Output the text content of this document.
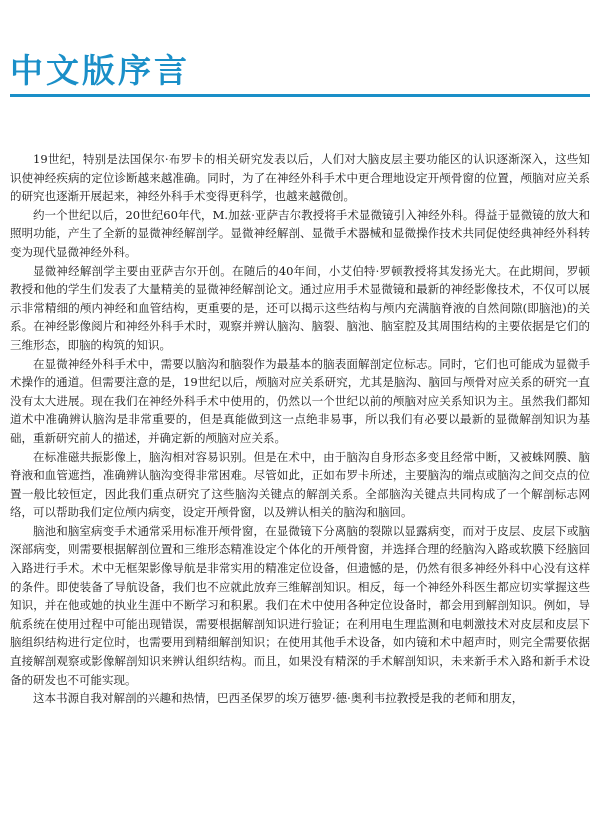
中文版序言

19世纪，特别是法国保尔·布罗卡的相关研究发表以后，人们对大脑皮层主要功能区的认识逐渐深入，这些知识使神经疾病的定位诊断越来越准确。同时，为了在神经外科手术中更合理地设定开颅骨窗的位置，颅脑对应关系的研究也逐渐开展起来，神经外科手术变得更科学，也越来越微创。

约一个世纪以后，20世纪60年代，M.加兹·亚萨吉尔教授将手术显微镜引入神经外科。得益于显微镜的放大和照明功能，产生了全新的显微神经解剖学。显微神经解剖、显微手术器械和显微操作技术共同促使经典神经外科转变为现代显微神经外科。

显微神经解剖学主要由亚萨吉尔开创。在随后的40年间，小艾伯特·罗顿教授将其发扬光大。在此期间，罗顿教授和他的学生们发表了大量精美的显微神经解剖论文。通过应用手术显微镜和最新的神经影像技术，不仅可以展示非常精细的颅内神经和血管结构，更重要的是，还可以揭示这些结构与颅内充满脑脊液的自然间隙(即脑池)的关系。在神经影像阅片和神经外科手术时，观察并辨认脑沟、脑裂、脑池、脑室腔及其周围结构的主要依据是它们的三维形态，即脑的构筑的知识。

在显微神经外科手术中，需要以脑沟和脑裂作为最基本的脑表面解剖定位标志。同时，它们也可能成为显微手术操作的通道。但需要注意的是，19世纪以后，颅脑对应关系研究，尤其是脑沟、脑回与颅骨对应关系的研究一直没有太大进展。现在我们在神经外科手术中使用的，仍然以一个世纪以前的颅脑对应关系知识为主。虽然我们都知道术中准确辨认脑沟是非常重要的，但是真能做到这一点绝非易事，所以我们有必要以最新的显微解剖知识为基础，重新研究前人的描述，并确定新的颅脑对应关系。

在标准磁共振影像上，脑沟相对容易识别。但是在术中，由于脑沟自身形态多变且经常中断，又被蛛网膜、脑脊液和血管遮挡，准确辨认脑沟变得非常困难。尽管如此，正如布罗卡所述，主要脑沟的端点或脑沟之间交点的位置一般比较恒定，因此我们重点研究了这些脑沟关键点的解剖关系。全部脑沟关键点共同构成了一个解剖标志网络，可以帮助我们定位颅内病变，设定开颅骨窗，以及辨认相关的脑沟和脑回。

脑池和脑室病变手术通常采用标准开颅骨窗，在显微镜下分离脑的裂隙以显露病变，而对于皮层、皮层下或脑深部病变，则需要根据解剖位置和三维形态精准设定个体化的开颅骨窗，并选择合理的经脑沟入路或软膜下经脑回入路进行手术。术中无框架影像导航是非常实用的精准定位设备，但遗憾的是，仍然有很多神经外科中心没有这样的条件。即使装备了导航设备，我们也不应就此放弃三维解剖知识。相反，每一个神经外科医生都应切实掌握这些知识，并在他或她的执业生涯中不断学习和积累。我们在术中使用各种定位设备时，都会用到解剖知识。例如，导航系统在使用过程中可能出现错误，需要根据解剖知识进行验证；在利用电生理监测和电刺激技术对皮层和皮层下脑组织结构进行定位时，也需要用到精细解剖知识；在使用其他手术设备，如内镜和术中超声时，则完全需要依据直接解剖观察或影像解剖知识来辨认组织结构。而且，如果没有精深的手术解剖知识，未来新手术入路和新手术设备的研发也不可能实现。

这本书源自我对解剖的兴趣和热情，巴西圣保罗的埃万德罗·德·奥利韦拉教授是我的老师和朋友，
